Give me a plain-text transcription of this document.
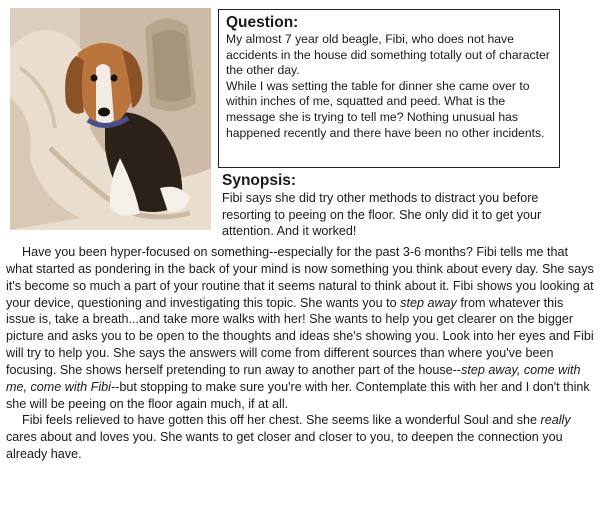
Question:

My almost 7 year old beagle, Fibi, who does not have accidents in the house did something totally out of character the other day.

While I was setting the table for dinner she came over to within inches of me, squatted and peed. What is the message she is trying to tell me? Nothing unusual has happened recently and there have been no other incidents.

Synopsis:
Fibi says she did try other methods to distract you before resorting to peeing on the floor. She only did it to get your attention. And it worked!

Have you been hyper-focused on something--especially for the past 3-6 months? Fibi tells me that what started as pondering in the back of your mind is now something you think about every day. She says it's become so much a part of your routine that it seems natural to think about it. Fibi shows you looking at your device, questioning and investigating this topic. She wants you to step away from whatever this issue is, take a breath...and take more walks with her! She wants to help you get clearer on the bigger picture and asks you to be open to the thoughts and ideas she's showing you. Look into her eyes and Fibi will try to help you. She says the answers will come from different sources than where you've been focusing. She shows herself pretending to run away to another part of the house--step away, come with me, come with Fibi--but stopping to make sure you're with her. Contemplate this with her and I don't think she will be peeing on the floor again much, if at all.

Fibi feels relieved to have gotten this off her chest. She seems like a wonderful Soul and she really cares about and loves you. She wants to get closer and closer to you, to deepen the connection you already have.
